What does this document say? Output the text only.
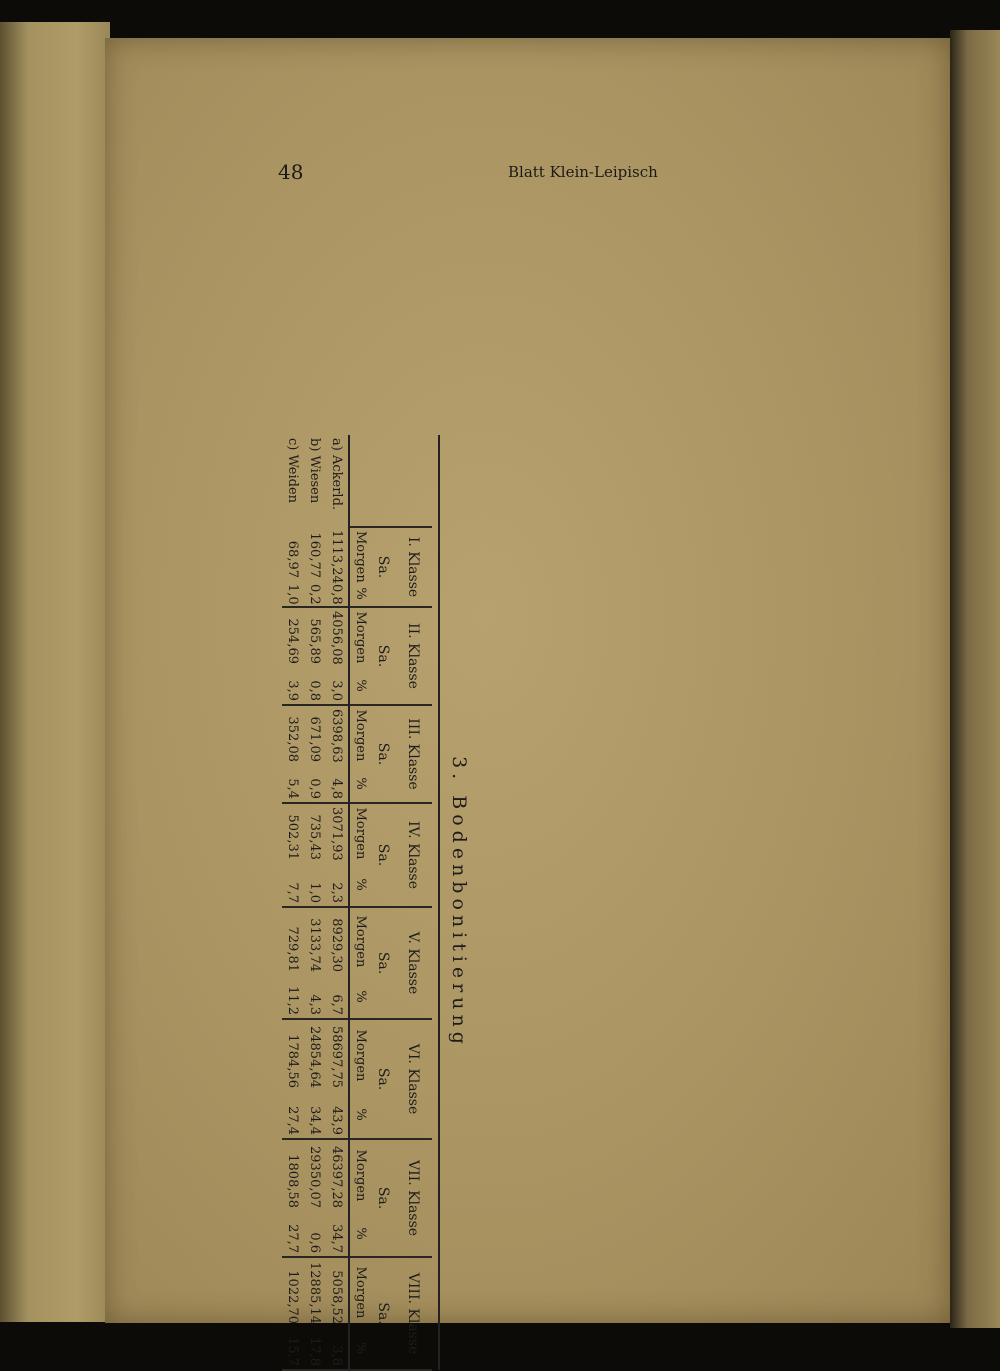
48	Blatt Klein-Leipisch
3. Bodenbonitierung
	I. Klasse		II. Klasse		III. Klasse		IV. Klasse		V. Klasse		VI. Klasse		VII. Klasse		VIII. Klasse	
	Sa.		Sa.		Sa.		Sa.		Sa.		Sa.		Sa.		Sa.	
	Morgen	%	Morgen	%	Morgen	%	Morgen	%	Morgen	%	Morgen	%	Morgen	%	Morgen	%
a) Ackerld.	1113,24	0,8	4056,08	3,0	6398,63	4,8	3071,93	2,3	8929,30	6,7	58697,75	43,9	46397,28	34,7	5058,52	3,8
b) Wiesen	160,77	0,2	565,89	0,8	671,09	0,9	735,43	1,0	3133,74	4,3	24854,64	34,4	29350,07	0,6	12885,14	17,8
c) Weiden	68,97	1,0	254,69	3,9	352,08	5,4	502,31	7,7	729,81	11,2	1784,56	27,4	1808,58	27,7	1022,70	15,7
